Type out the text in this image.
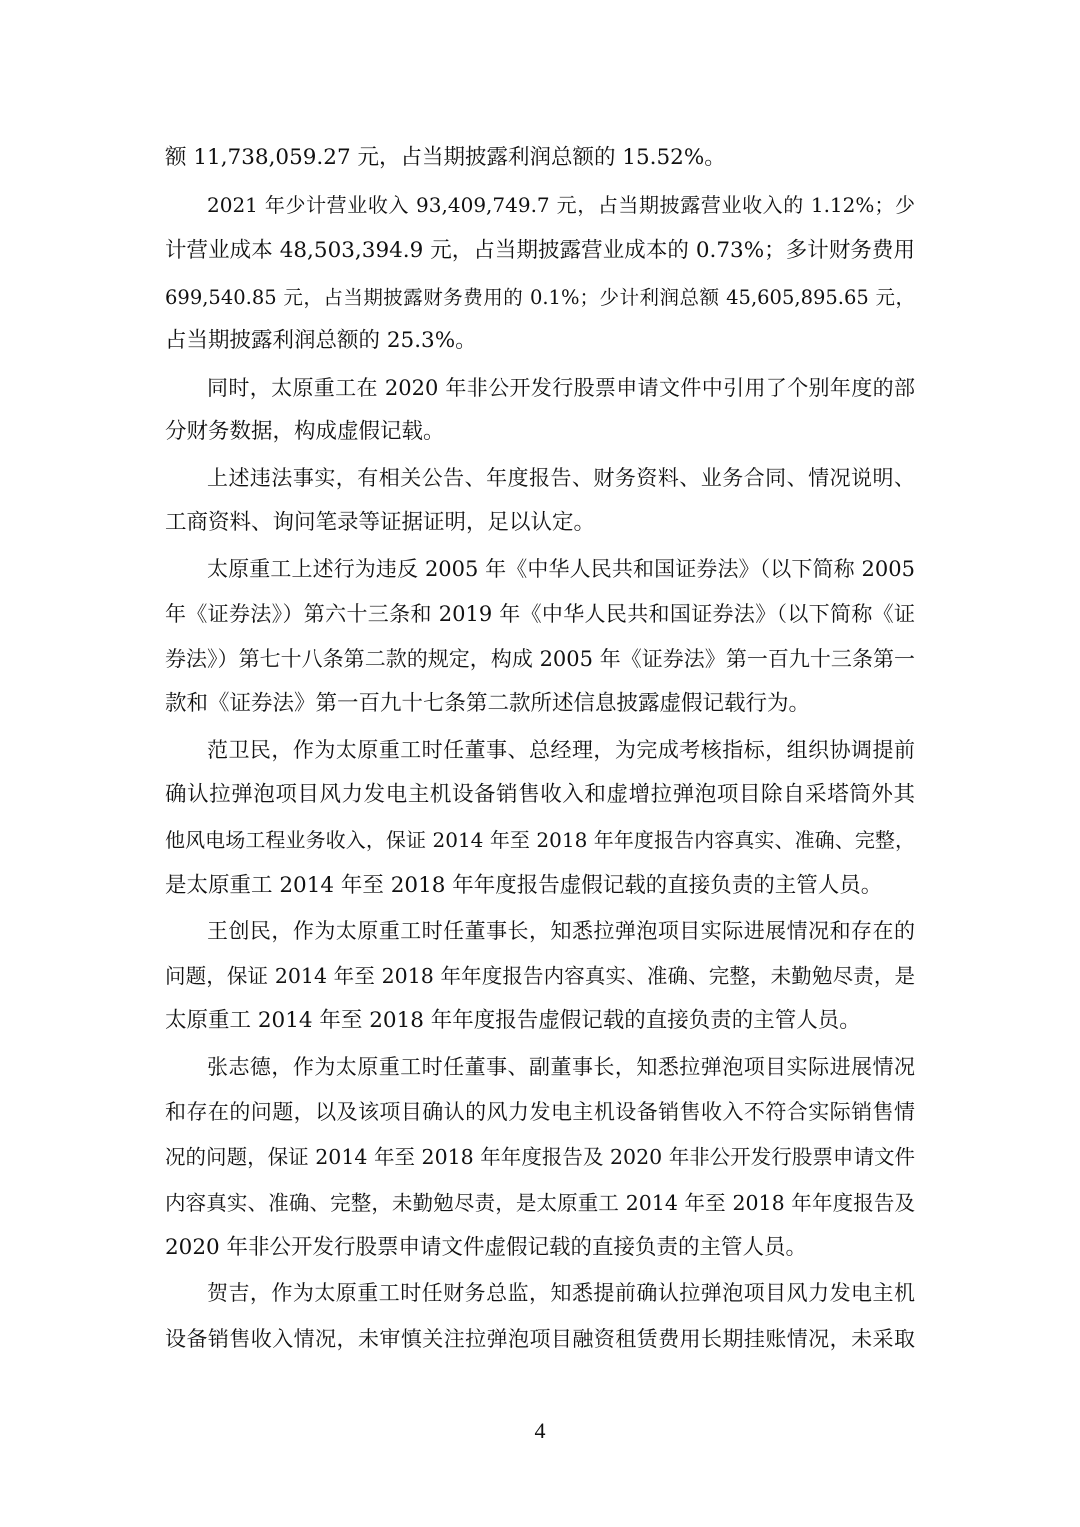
额 11,738,059.27 元，占当期披露利润总额的 15.52%。
2021 年少计营业收入 93,409,749.7 元，占当期披露营业收入的 1.12%；少
计营业成本 48,503,394.9 元，占当期披露营业成本的 0.73%；多计财务费用
699,540.85 元，占当期披露财务费用的 0.1%；少计利润总额 45,605,895.65 元，
占当期披露利润总额的 25.3%。
同时，太原重工在 2020 年非公开发行股票申请文件中引用了个别年度的部
分财务数据，构成虚假记载。
上述违法事实，有相关公告、年度报告、财务资料、业务合同、情况说明、
工商资料、询问笔录等证据证明，足以认定。
太原重工上述行为违反 2005 年《中华人民共和国证券法》（以下简称 2005
年《证券法》）第六十三条和 2019 年《中华人民共和国证券法》（以下简称《证
券法》）第七十八条第二款的规定，构成 2005 年《证券法》第一百九十三条第一
款和《证券法》第一百九十七条第二款所述信息披露虚假记载行为。
范卫民，作为太原重工时任董事、总经理，为完成考核指标，组织协调提前
确认拉弹泡项目风力发电主机设备销售收入和虚增拉弹泡项目除自采塔筒外其
他风电场工程业务收入，保证 2014 年至 2018 年年度报告内容真实、准确、完整，
是太原重工 2014 年至 2018 年年度报告虚假记载的直接负责的主管人员。
王创民，作为太原重工时任董事长，知悉拉弹泡项目实际进展情况和存在的
问题，保证 2014 年至 2018 年年度报告内容真实、准确、完整，未勤勉尽责，是
太原重工 2014 年至 2018 年年度报告虚假记载的直接负责的主管人员。
张志德，作为太原重工时任董事、副董事长，知悉拉弹泡项目实际进展情况
和存在的问题，以及该项目确认的风力发电主机设备销售收入不符合实际销售情
况的问题，保证 2014 年至 2018 年年度报告及 2020 年非公开发行股票申请文件
内容真实、准确、完整，未勤勉尽责，是太原重工 2014 年至 2018 年年度报告及
2020 年非公开发行股票申请文件虚假记载的直接负责的主管人员。
贺吉，作为太原重工时任财务总监，知悉提前确认拉弹泡项目风力发电主机
设备销售收入情况，未审慎关注拉弹泡项目融资租赁费用长期挂账情况，未采取
4
